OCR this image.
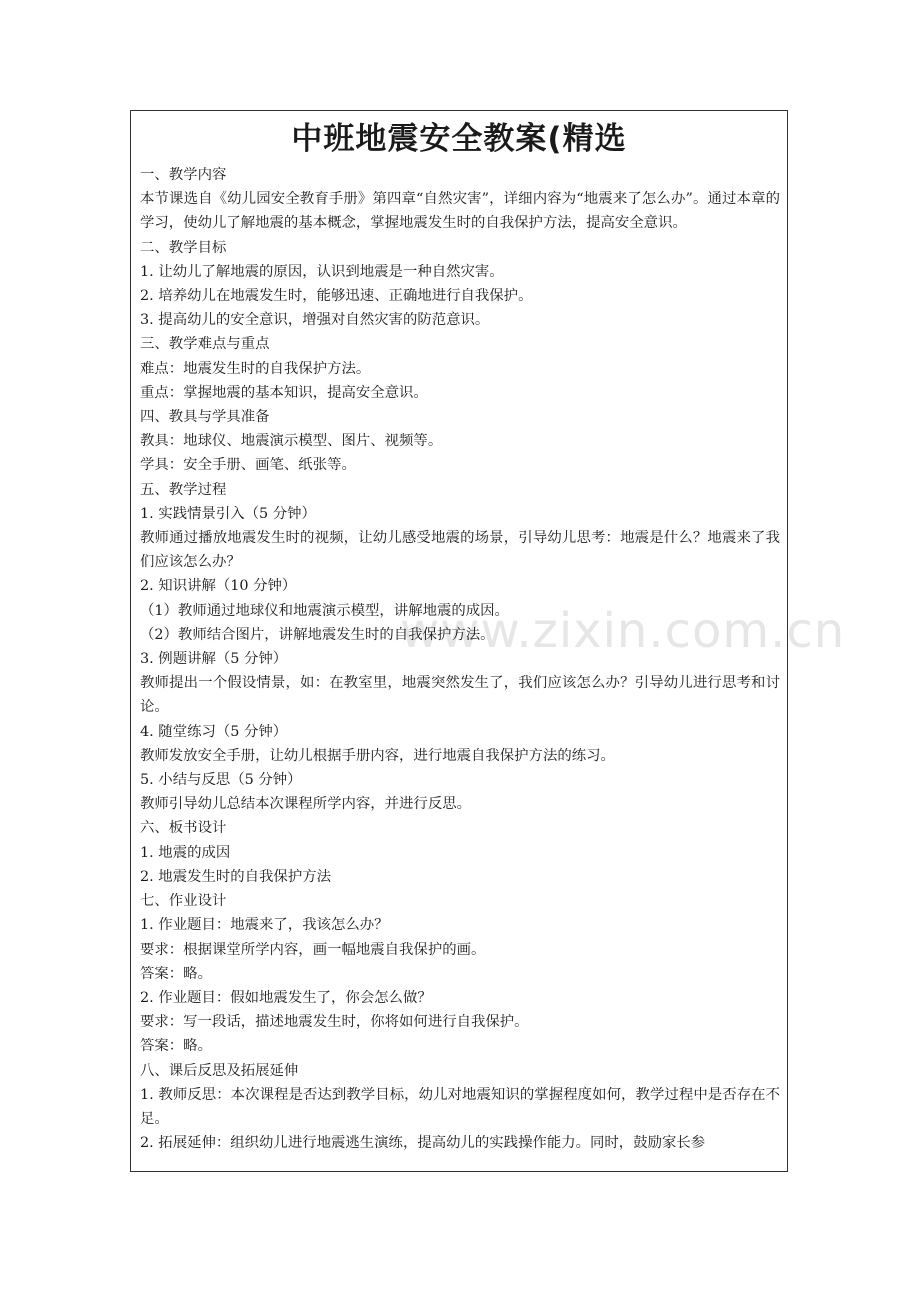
www.zixin.com.cn
中班地震安全教案(精选

一、教学内容

本节课选自《幼儿园安全教育手册》第四章“自然灾害”，详细内容为“地震来了怎么办”。通过本章的学习，使幼儿了解地震的基本概念，掌握地震发生时的自我保护方法，提高安全意识。

二、教学目标

1. 让幼儿了解地震的原因，认识到地震是一种自然灾害。

2. 培养幼儿在地震发生时，能够迅速、正确地进行自我保护。

3. 提高幼儿的安全意识，增强对自然灾害的防范意识。

三、教学难点与重点

难点：地震发生时的自我保护方法。

重点：掌握地震的基本知识，提高安全意识。

四、教具与学具准备

教具：地球仪、地震演示模型、图片、视频等。

学具：安全手册、画笔、纸张等。

五、教学过程

1. 实践情景引入（5 分钟）

教师通过播放地震发生时的视频，让幼儿感受地震的场景，引导幼儿思考：地震是什么？地震来了我们应该怎么办？

2. 知识讲解（10 分钟）

（1）教师通过地球仪和地震演示模型，讲解地震的成因。

（2）教师结合图片，讲解地震发生时的自我保护方法。

3. 例题讲解（5 分钟）

教师提出一个假设情景，如：在教室里，地震突然发生了，我们应该怎么办？引导幼儿进行思考和讨论。

4. 随堂练习（5 分钟）

教师发放安全手册，让幼儿根据手册内容，进行地震自我保护方法的练习。

5. 小结与反思（5 分钟）

教师引导幼儿总结本次课程所学内容，并进行反思。

六、板书设计

1. 地震的成因

2. 地震发生时的自我保护方法

七、作业设计

1. 作业题目：地震来了，我该怎么办？

要求：根据课堂所学内容，画一幅地震自我保护的画。

答案：略。

2. 作业题目：假如地震发生了，你会怎么做？

要求：写一段话，描述地震发生时，你将如何进行自我保护。

答案：略。

八、课后反思及拓展延伸

1. 教师反思：本次课程是否达到教学目标，幼儿对地震知识的掌握程度如何，教学过程中是否存在不足。

2. 拓展延伸：组织幼儿进行地震逃生演练，提高幼儿的实践操作能力。同时，鼓励家长参
